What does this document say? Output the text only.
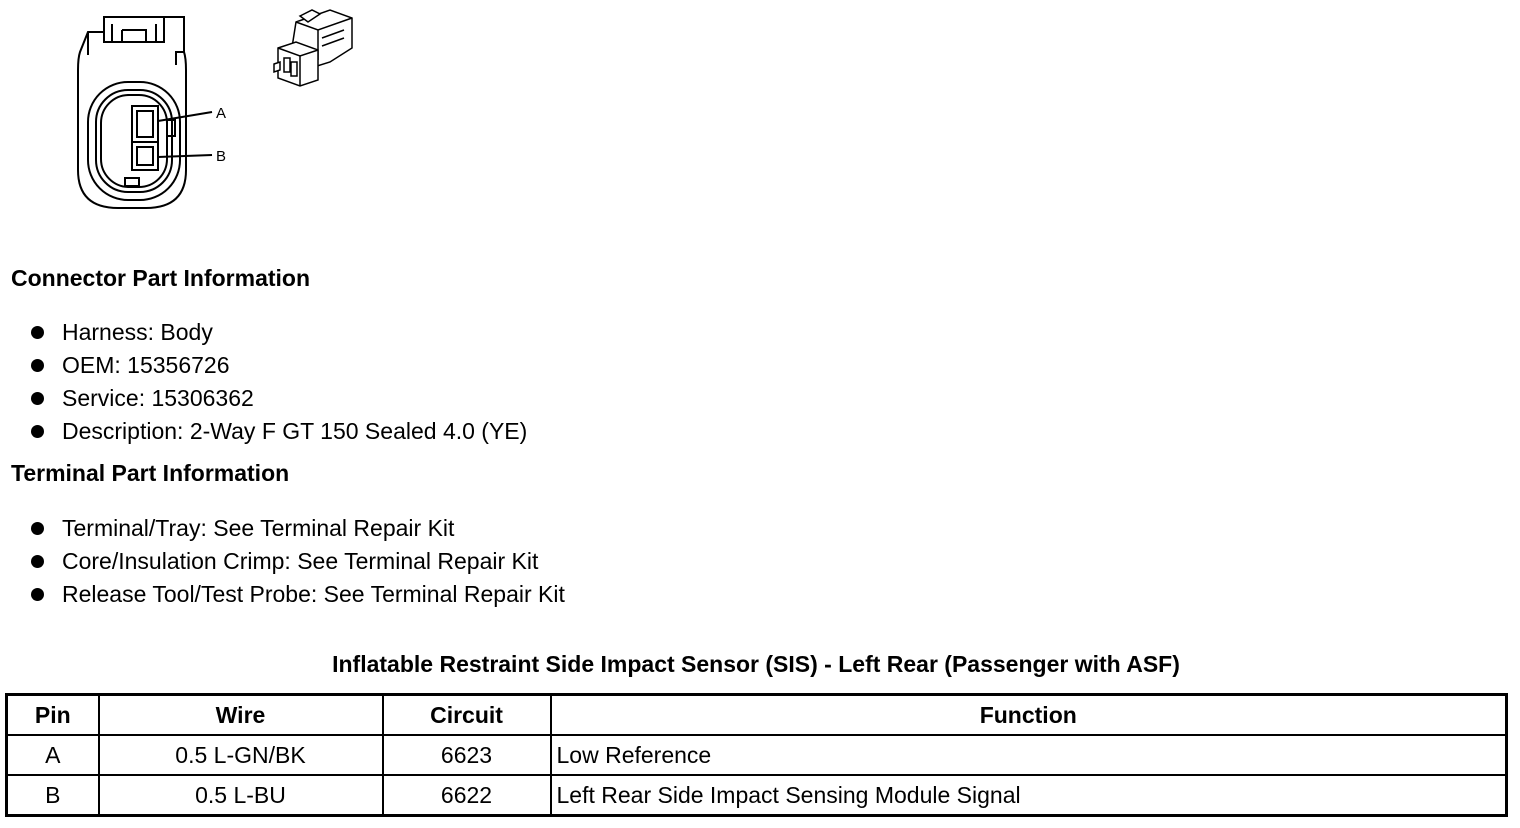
A
B
Connector Part Information
Harness: Body
OEM: 15356726
Service: 15306362
Description: 2-Way F GT 150 Sealed 4.0 (YE)
Terminal Part Information
Terminal/Tray: See Terminal Repair Kit
Core/Insulation Crimp: See Terminal Repair Kit
Release Tool/Test Probe: See Terminal Repair Kit
Inflatable Restraint Side Impact Sensor (SIS) - Left Rear (Passenger with ASF)
Pin	Wire	Circuit	Function
A	0.5 L-GN/BK	6623	Low Reference
B	0.5 L-BU	6622	Left Rear Side Impact Sensing Module Signal
